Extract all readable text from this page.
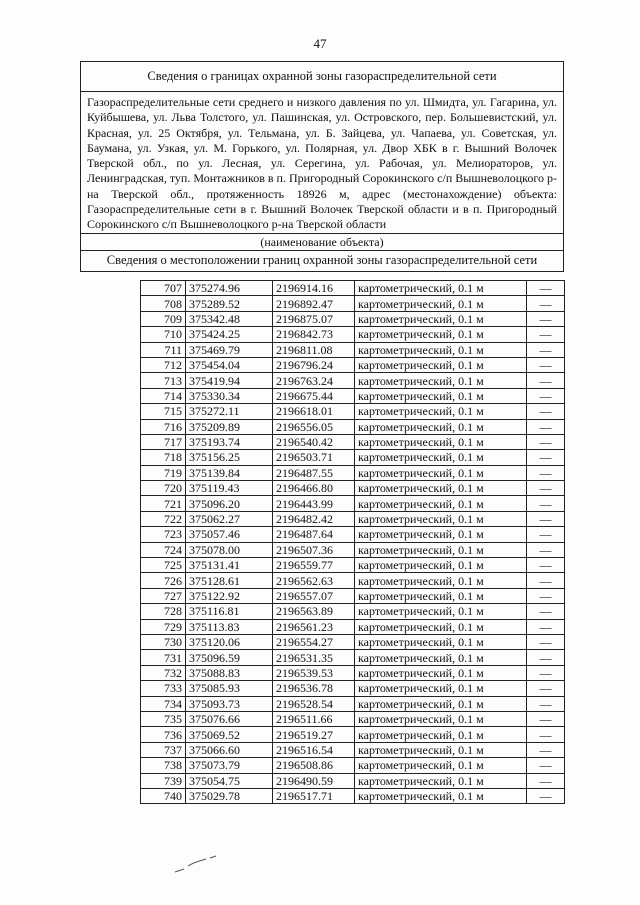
47
Сведения о границах охранной зоны газораспределительной сети
Газораспределительные сети среднего и низкого давления по ул. Шмидта, ул. Гагарина, ул. Куйбышева, ул. Льва Толстого, ул. Пашинская, ул. Островского, пер. Большевистский, ул. Красная, ул. 25 Октября, ул. Тельмана, ул. Б. Зайцева, ул. Чапаева, ул. Советская, ул. Баумана, ул. Узкая, ул. М. Горького, ул. Полярная, ул. Двор ХБК в г. Вышний Волочек Тверской обл., по ул. Лесная, ул. Серегина, ул. Рабочая, ул. Мелиораторов, ул. Ленинградская, туп. Монтажников в п. Пригородный Сорокинского с/п Вышневолоцкого р-на Тверской обл., протяженность 18926 м, адрес (местонахождение) объекта: Газораспределительные сети в г. Вышний Волочек Тверской области и в п. Пригородный Сорокинского с/п Вышневолоцкого р-на Тверской области
(наименование объекта)
Сведения о местоположении границ охранной зоны газораспределительной сети
707	375274.96	2196914.16	картометрический, 0.1 м	—
708	375289.52	2196892.47	картометрический, 0.1 м	—
709	375342.48	2196875.07	картометрический, 0.1 м	—
710	375424.25	2196842.73	картометрический, 0.1 м	—
711	375469.79	2196811.08	картометрический, 0.1 м	—
712	375454.04	2196796.24	картометрический, 0.1 м	—
713	375419.94	2196763.24	картометрический, 0.1 м	—
714	375330.34	2196675.44	картометрический, 0.1 м	—
715	375272.11	2196618.01	картометрический, 0.1 м	—
716	375209.89	2196556.05	картометрический, 0.1 м	—
717	375193.74	2196540.42	картометрический, 0.1 м	—
718	375156.25	2196503.71	картометрический, 0.1 м	—
719	375139.84	2196487.55	картометрический, 0.1 м	—
720	375119.43	2196466.80	картометрический, 0.1 м	—
721	375096.20	2196443.99	картометрический, 0.1 м	—
722	375062.27	2196482.42	картометрический, 0.1 м	—
723	375057.46	2196487.64	картометрический, 0.1 м	—
724	375078.00	2196507.36	картометрический, 0.1 м	—
725	375131.41	2196559.77	картометрический, 0.1 м	—
726	375128.61	2196562.63	картометрический, 0.1 м	—
727	375122.92	2196557.07	картометрический, 0.1 м	—
728	375116.81	2196563.89	картометрический, 0.1 м	—
729	375113.83	2196561.23	картометрический, 0.1 м	—
730	375120.06	2196554.27	картометрический, 0.1 м	—
731	375096.59	2196531.35	картометрический, 0.1 м	—
732	375088.83	2196539.53	картометрический, 0.1 м	—
733	375085.93	2196536.78	картометрический, 0.1 м	—
734	375093.73	2196528.54	картометрический, 0.1 м	—
735	375076.66	2196511.66	картометрический, 0.1 м	—
736	375069.52	2196519.27	картометрический, 0.1 м	—
737	375066.60	2196516.54	картометрический, 0.1 м	—
738	375073.79	2196508.86	картометрический, 0.1 м	—
739	375054.75	2196490.59	картометрический, 0.1 м	—
740	375029.78	2196517.71	картометрический, 0.1 м	—
